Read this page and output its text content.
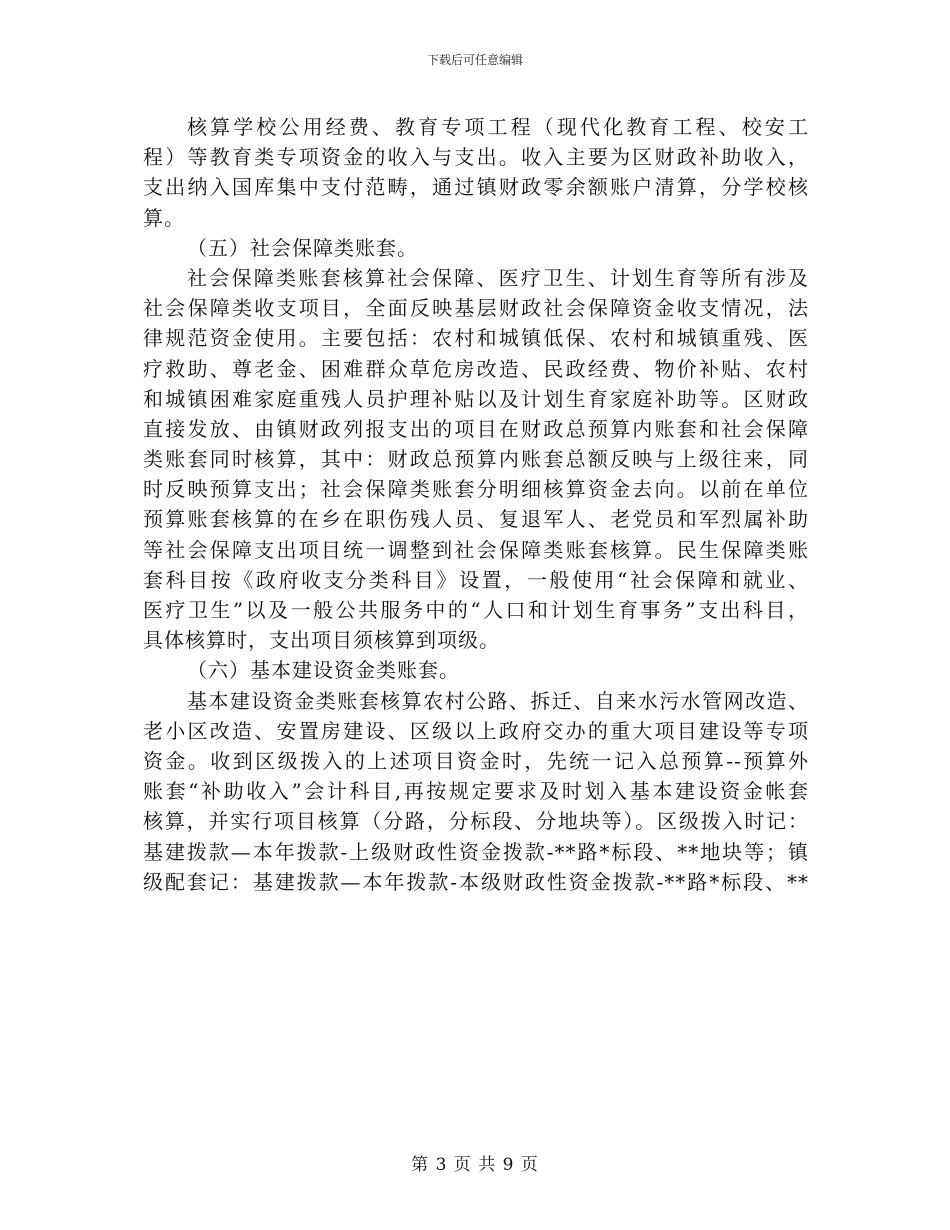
下载后可任意编辑
核算学校公用经费、教育专项工程（现代化教育工程、校安工
程）等教育类专项资金的收入与支出。收入主要为区财政补助收入，
支出纳入国库集中支付范畴，通过镇财政零余额账户清算，分学校核
算。
（五）社会保障类账套。
社会保障类账套核算社会保障、医疗卫生、计划生育等所有涉及
社会保障类收支项目，全面反映基层财政社会保障资金收支情况，法
律规范资金使用。主要包括：农村和城镇低保、农村和城镇重残、医
疗救助、尊老金、困难群众草危房改造、民政经费、物价补贴、农村
和城镇困难家庭重残人员护理补贴以及计划生育家庭补助等。区财政
直接发放、由镇财政列报支出的项目在财政总预算内账套和社会保障
类账套同时核算，其中：财政总预算内账套总额反映与上级往来，同
时反映预算支出；社会保障类账套分明细核算资金去向。以前在单位
预算账套核算的在乡在职伤残人员、复退军人、老党员和军烈属补助
等社会保障支出项目统一调整到社会保障类账套核算。民生保障类账
套科目按《政府收支分类科目》设置，一般使用“社会保障和就业、
医疗卫生”以及一般公共服务中的“人口和计划生育事务”支出科目，
具体核算时，支出项目须核算到项级。
（六）基本建设资金类账套。
基本建设资金类账套核算农村公路、拆迁、自来水污水管网改造、
老小区改造、安置房建设、区级以上政府交办的重大项目建设等专项
资金。收到区级拨入的上述项目资金时，先统一记入总预算--预算外
账套“补助收入”会计科目,再按规定要求及时划入基本建设资金帐套
核算，并实行项目核算（分路，分标段、分地块等）。区级拨入时记：
基建拨款—本年拨款-上级财政性资金拨款-**路*标段、**地块等；镇
级配套记：基建拨款—本年拨款-本级财政性资金拨款-**路*标段、**
第 3 页 共 9 页
